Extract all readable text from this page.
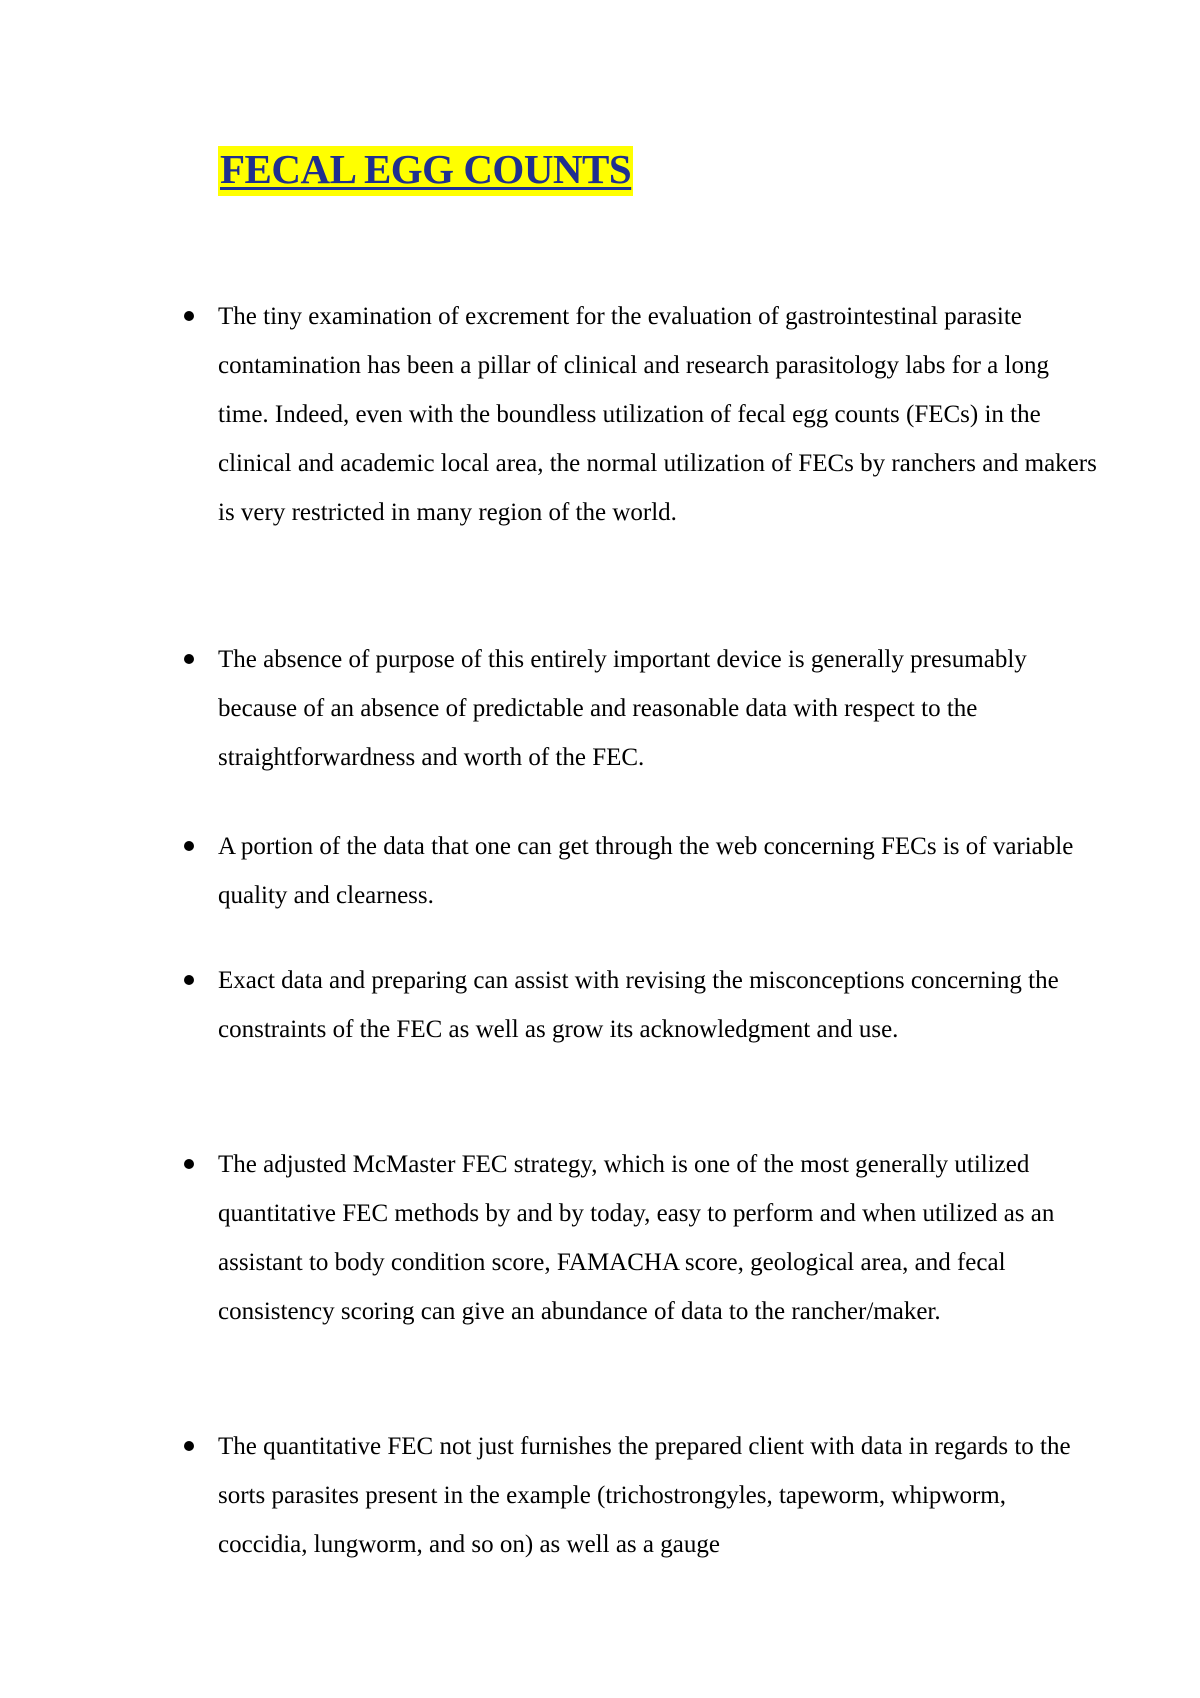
FECAL EGG COUNTS

The tiny examination of excrement for the evaluation of gastrointestinal parasite contamination has been a pillar of clinical and research parasitology labs for a long time. Indeed, even with the boundless utilization of fecal egg counts (FECs) in the clinical and academic local area, the normal utilization of FECs by ranchers and makers is very restricted in many region of the world.

The absence of purpose of this entirely important device is generally presumably because of an absence of predictable and reasonable data with respect to the straightforwardness and worth of the FEC.

A portion of the data that one can get through the web concerning FECs is of variable quality and clearness.

Exact data and preparing can assist with revising the misconceptions concerning the constraints of the FEC as well as grow its acknowledgment and use.

The adjusted McMaster FEC strategy, which is one of the most generally utilized quantitative FEC methods by and by today, easy to perform and when utilized as an assistant to body condition score, FAMACHA score, geological area, and fecal consistency scoring can give an abundance of data to the rancher/maker.

The quantitative FEC not just furnishes the prepared client with data in regards to the sorts parasites present in the example (trichostrongyles, tapeworm, whipworm, coccidia, lungworm, and so on) as well as a gauge
